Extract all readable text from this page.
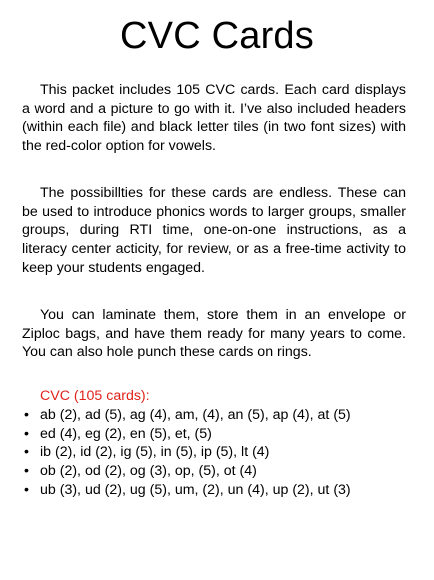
CVC Cards

This packet includes 105 CVC cards. Each card displays a word and a picture to go with it. I’ve also included headers (within each file) and black letter tiles (in two font sizes) with the red-color option for vowels.

The possibillties for these cards are endless. These can be used to introduce phonics words to larger groups, smaller groups, during RTI time, one-on-one instructions, as a literacy center acticity, for review, or as a free-time activity to keep your students engaged.

You can laminate them, store them in an envelope or Ziploc bags, and have them ready for many years to come. You can also hole punch these cards on rings.

CVC (105 cards):
• ab (2), ad (5), ag (4), am, (4), an (5), ap (4), at (5)
• ed (4), eg (2), en (5), et, (5)
• ib (2), id (2), ig (5), in (5), ip (5), lt (4)
• ob (2), od (2), og (3), op, (5), ot (4)
• ub (3), ud (2), ug (5), um, (2), un (4), up (2), ut (3)
